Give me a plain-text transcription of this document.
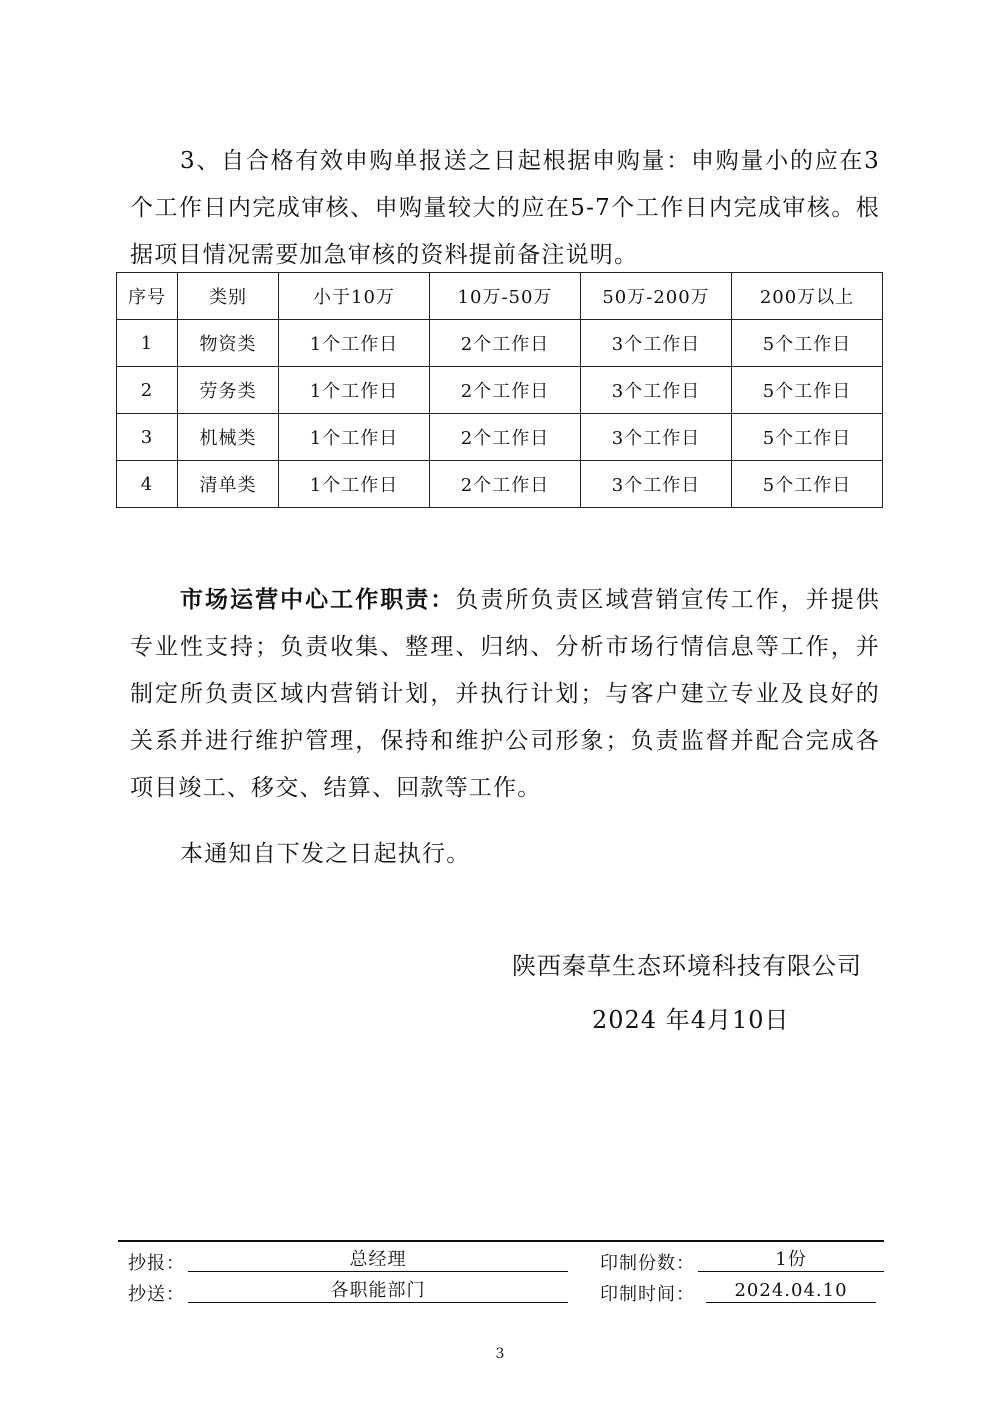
3、自合格有效申购单报送之日起根据申购量：申购量小的应在3个工作日内完成审核、申购量较大的应在5-7个工作日内完成审核。根据项目情况需要加急审核的资料提前备注说明。

序号	类别	小于10万	10万-50万	50万-200万	200万以上
1	物资类	1个工作日	2个工作日	3个工作日	5个工作日
2	劳务类	1个工作日	2个工作日	3个工作日	5个工作日
3	机械类	1个工作日	2个工作日	3个工作日	5个工作日
4	清单类	1个工作日	2个工作日	3个工作日	5个工作日

市场运营中心工作职责：负责所负责区域营销宣传工作，并提供专业性支持；负责收集、整理、归纳、分析市场行情信息等工作，并制定所负责区域内营销计划，并执行计划；与客户建立专业及良好的关系并进行维护管理，保持和维护公司形象；负责监督并配合完成各项目竣工、移交、结算、回款等工作。

本通知自下发之日起执行。

陕西秦草生态环境科技有限公司
2024 年4月10日
抄报：	总经理	印制份数：	1份
抄送：	各职能部门	印制时间：	2024.04.10
3
